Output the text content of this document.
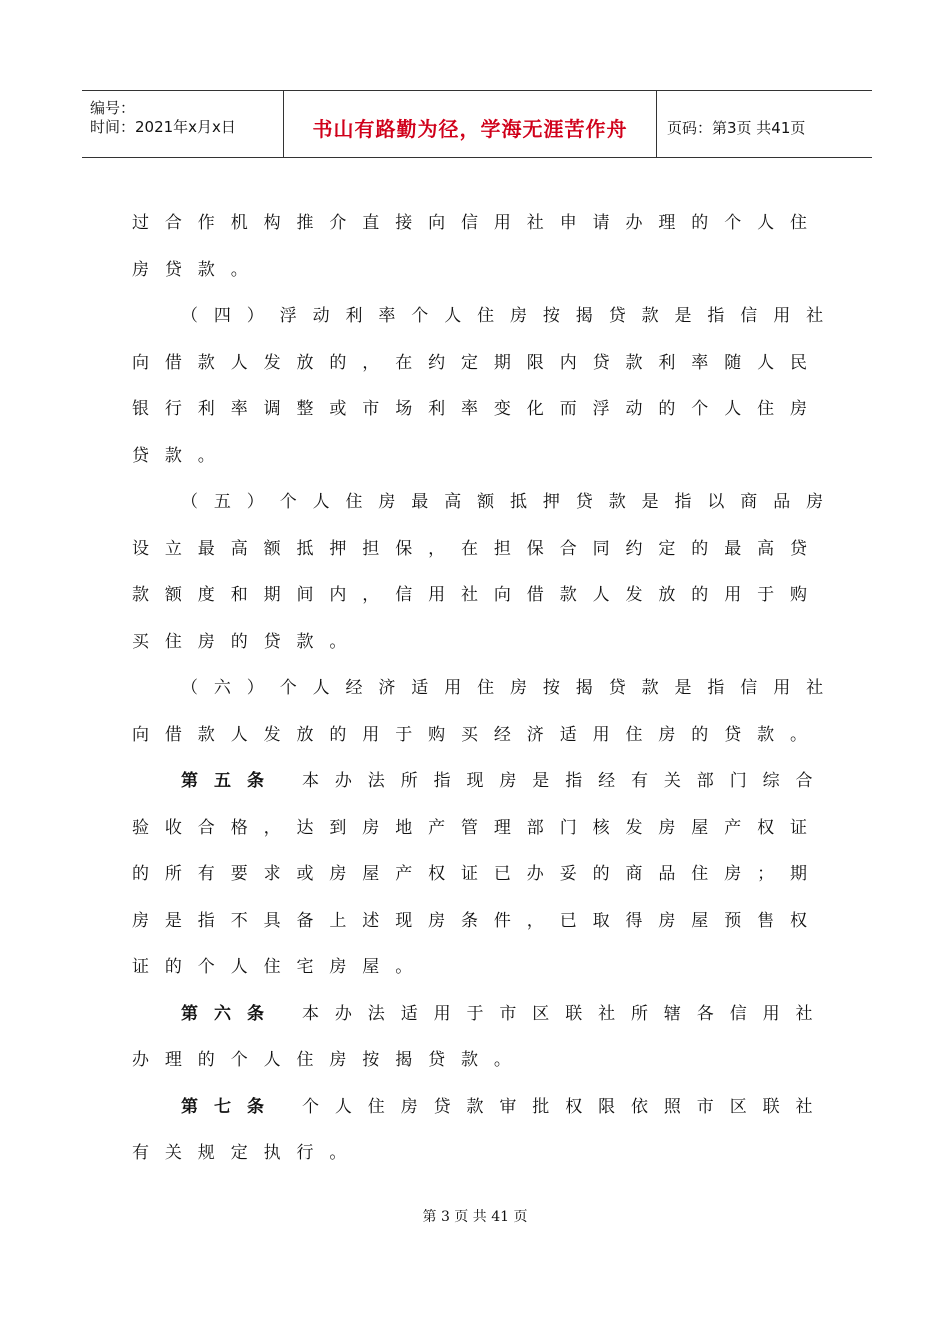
编号：
时间：2021年x月x日	书山有路勤为径，学海无涯苦作舟	页码：第3页 共41页
过合作机构推介直接向信用社申请办理的个人住
房贷款。
（四）浮动利率个人住房按揭贷款是指信用社
向借款人发放的，在约定期限内贷款利率随人民
银行利率调整或市场利率变化而浮动的个人住房
贷款。
（五）个人住房最高额抵押贷款是指以商品房
设立最高额抵押担保，在担保合同约定的最高贷
款额度和期间内，信用社向借款人发放的用于购
买住房的贷款。
（六）个人经济适用住房按揭贷款是指信用社
向借款人发放的用于购买经济适用住房的贷款。
第五条 本办法所指现房是指经有关部门综合
验收合格，达到房地产管理部门核发房屋产权证
的所有要求或房屋产权证已办妥的商品住房；期
房是指不具备上述现房条件，已取得房屋预售权
证的个人住宅房屋。
第六条 本办法适用于市区联社所辖各信用社
办理的个人住房按揭贷款。
第七条 个人住房贷款审批权限依照市区联社
有关规定执行。
第 3 页 共 41 页
